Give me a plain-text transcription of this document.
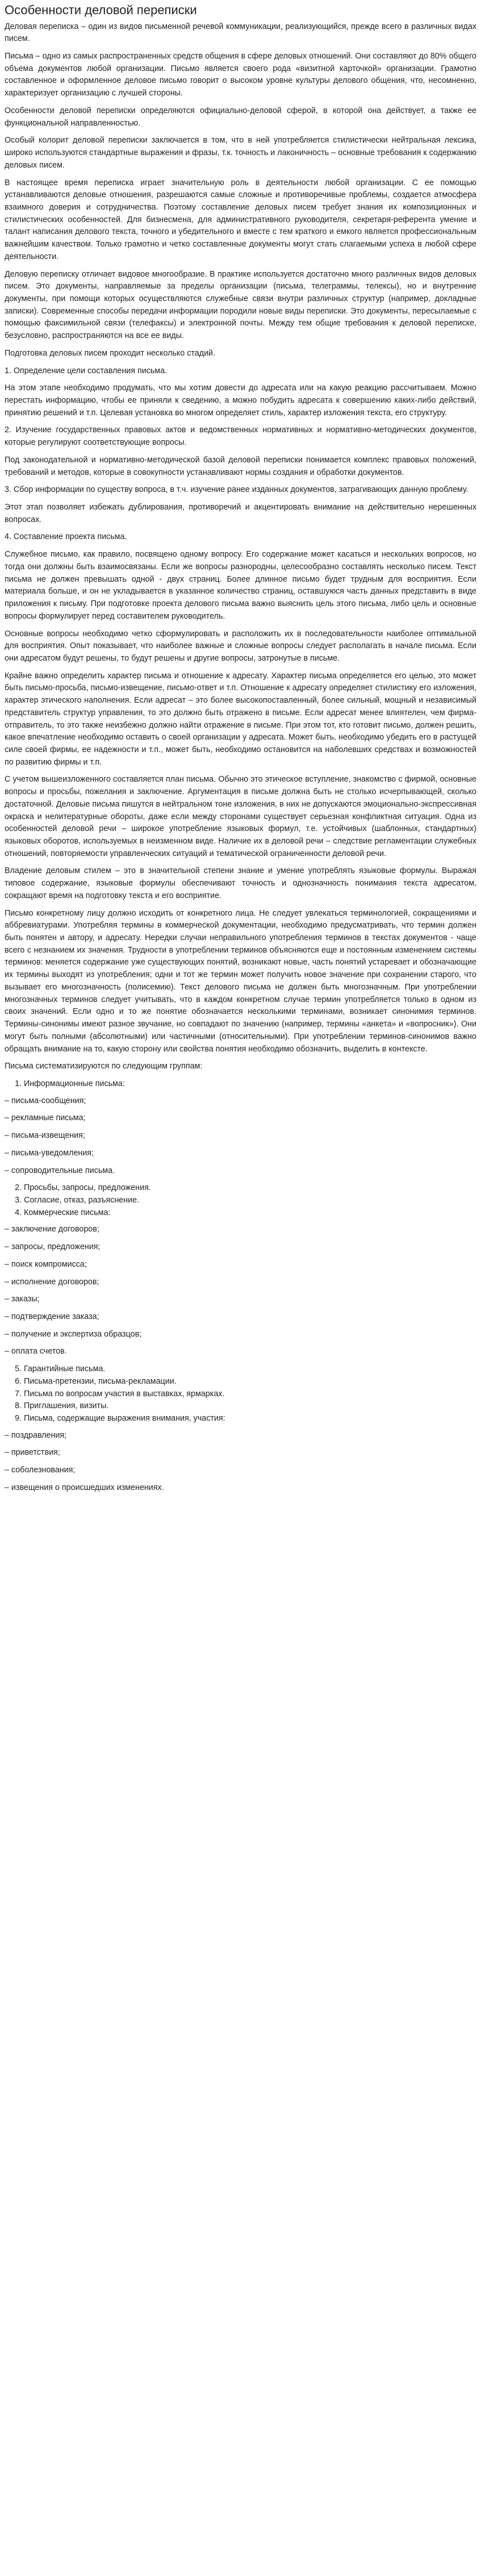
Особенности деловой переписки

Деловая переписка – один из видов письменной речевой коммуникации, реализующийся, прежде всего в различных видах писем.

Письма – одно из самых распространенных средств общения в сфере деловых отношений. Они составляют до 80% общего объема документов любой организации. Письмо является своего рода «визитной карточкой» организации. Грамотно составленное и оформленное деловое письмо говорит о высоком уровне культуры делового общения, что, несомненно, характеризует организацию с лучшей стороны.

Особенности деловой переписки определяются официально-деловой сферой, в которой она действует, а также ее функциональной направленностью.

Особый колорит деловой переписки заключается в том, что в ней употребляется стилистически нейтральная лексика, широко используются стандартные выражения и фразы, т.к. точность и лаконичность – основные требования к содержанию деловых писем.

В настоящее время переписка играет значительную роль в деятельности любой организации. С ее помощью устанавливаются деловые отношения, разрешаются самые сложные и противоречивые проблемы, создается атмосфера взаимного доверия и сотрудничества. Поэтому составление деловых писем требует знания их композиционных и стилистических особенностей. Для бизнесмена, для административного руководителя, секретаря-референта умение и талант написания делового текста, точного и убедительного и вместе с тем краткого и емкого является профессиональным важнейшим качеством. Только грамотно и четко составленные документы могут стать слагаемыми успеха в любой сфере деятельности.

Деловую переписку отличает видовое многообразие. В практике используется достаточно много различных видов деловых писем. Это документы, направляемые за пределы организации (письма, телеграммы, телексы), но и внутренние документы, при помощи которых осуществляются служебные связи внутри различных структур (например, докладные записки). Современные способы передачи информации породили новые виды переписки. Это документы, пересылаемые с помощью факсимильной связи (телефаксы) и электронной почты. Между тем общие требования к деловой переписке, безусловно, распространяются на все ее виды.

Подготовка деловых писем проходит несколько стадий.

1. Определение цели составления письма.

На этом этапе необходимо продумать, что мы хотим довести до адресата или на какую реакцию рассчитываем. Можно перестать информацию, чтобы ее приняли к сведению, а можно побудить адресата к совершению каких-либо действий, принятию решений и т.п. Целевая установка во многом определяет стиль, характер изложения текста, его структуру.

2. Изучение государственных правовых актов и ведомственных нормативных и нормативно-методических документов, которые регулируют соответствующие вопросы.

Под законодательной и нормативно-методической базой деловой переписки понимается комплекс правовых положений, требований и методов, которые в совокупности устанавливают нормы создания и обработки документов.

3. Сбор информации по существу вопроса, в т.ч. изучение ранее изданных документов, затрагивающих данную проблему.

Этот этап позволяет избежать дублирования, противоречий и акцентировать внимание на действительно нерешенных вопросах.

4. Составление проекта письма.

Служебное письмо, как правило, посвящено одному вопросу. Его содержание может касаться и нескольких вопросов, но тогда они должны быть взаимосвязаны. Если же вопросы разнородны, целесообразно составлять несколько писем. Текст письма не должен превышать одной - двух страниц. Более длинное письмо будет трудным для восприятия. Если материала больше, и он не укладывается в указанное количество страниц, оставшуюся часть данных представить в виде приложения к письму. При подготовке проекта делового письма важно выяснить цель этого письма, либо цель и основные вопросы формулирует перед составителем руководитель.

Основные вопросы необходимо четко сформулировать и расположить их в последовательности наиболее оптимальной для восприятия. Опыт показывает, что наиболее важные и сложные вопросы следует располагать в начале письма. Если они адресатом будут решены, то будут решены и другие вопросы, затронутые в письме.

Крайне важно определить характер письма и отношение к адресату. Характер письма определяется его целью, это может быть письмо-просьба, письмо-извещение, письмо-ответ и т.п. Отношение к адресату определяет стилистику его изложения, характер этического наполнения. Если адресат – это более высокопоставленный, более сильный, мощный и независимый представитель структур управления, то это должно быть отражено в письме. Если адресат менее влиятелен, чем фирма-отправитель, то это также неизбежно должно найти отражение в письме. При этом тот, кто готовит письмо, должен решить, какое впечатление необходимо оставить о своей организации у адресата. Может быть, необходимо убедить его в растущей силе своей фирмы, ее надежности и т.п., может быть, необходимо остановится на наболевших средствах и возможностей по развитию фирмы и т.п.

С учетом вышеизложенного составляется план письма. Обычно это этическое вступление, знакомство с фирмой, основные вопросы и просьбы, пожелания и заключение. Аргументация в письме должна быть не столько исчерпывающей, сколько достаточной. Деловые письма пишутся в нейтральном тоне изложения, в них не допускаются эмоционально-экспрессивная окраска и нелитературные обороты, даже если между сторонами существует серьезная конфликтная ситуация. Одна из особенностей деловой речи – широкое употребление языковых формул, т.е. устойчивых (шаблонных, стандартных) языковых оборотов, используемых в неизменном виде. Наличие их в деловой речи – следствие регламентации служебных отношений, повторяемости управленческих ситуаций и тематической ограниченности деловой речи.

Владение деловым стилем – это в значительной степени знание и умение употреблять языковые формулы. Выражая типовое содержание, языковые формулы обеспечивают точность и однозначность понимания текста адресатом, сокращают время на подготовку текста и его восприятие.

Письмо конкретному лицу должно исходить от конкретного лица. Не следует увлекаться терминологией, сокращениями и аббревиатурами. Употребляя термины в коммерческой документации, необходимо предусматривать, что термин должен быть понятен и автору, и адресату. Нередки случаи неправильного употребления терминов в текстах документов - чаще всего с незнанием их значения. Трудности в употреблении терминов объясняются еще и постоянным изменением системы терминов: меняется содержание уже существующих понятий, возникают новые, часть понятий устаревает и обозначающие их термины выходят из употребления; одни и тот же термин может получить новое значение при сохранении старого, что вызывает его многозначность (полисемию). Текст делового письма не должен быть многозначным. При употреблении многозначных терминов следует учитывать, что в каждом конкретном случае термин употребляется только в одном из своих значений. Если одно и то же понятие обозначается несколькими терминами, возникает синонимия терминов. Термины-синонимы имеют разное звучание, но совпадают по значению (например, термины «анкета» и «вопросник»). Они могут быть полными (абсолютными) или частичными (относительными). При употреблении терминов-синонимов важно обращать внимание на то, какую сторону или свойства понятия необходимо обозначить, выделить в контексте.

Письма систематизируются по следующим группам:

1. Информационные письма:
– письма-сообщения;
– рекламные письма;
– письма-извещения;
– письма-уведомления;
– сопроводительные письма.
2. Просьбы, запросы, предложения.
3. Согласие, отказ, разъяснение.
4. Коммерческие письма:
– заключение договоров;
– запросы, предложения;
– поиск компромисса;
– исполнение договоров;
– заказы;
– подтверждение заказа;
– получение и экспертиза образцов;
– оплата счетов.
5. Гарантийные письма.
6. Письма-претензии, письма-рекламации.
7. Письма по вопросам участия в выставках, ярмарках.
8. Приглашения, визиты.
9. Письма, содержащие выражения внимания, участия:
– поздравления;
– приветствия;
– соболезнования;
– извещения о происшедших изменениях.
